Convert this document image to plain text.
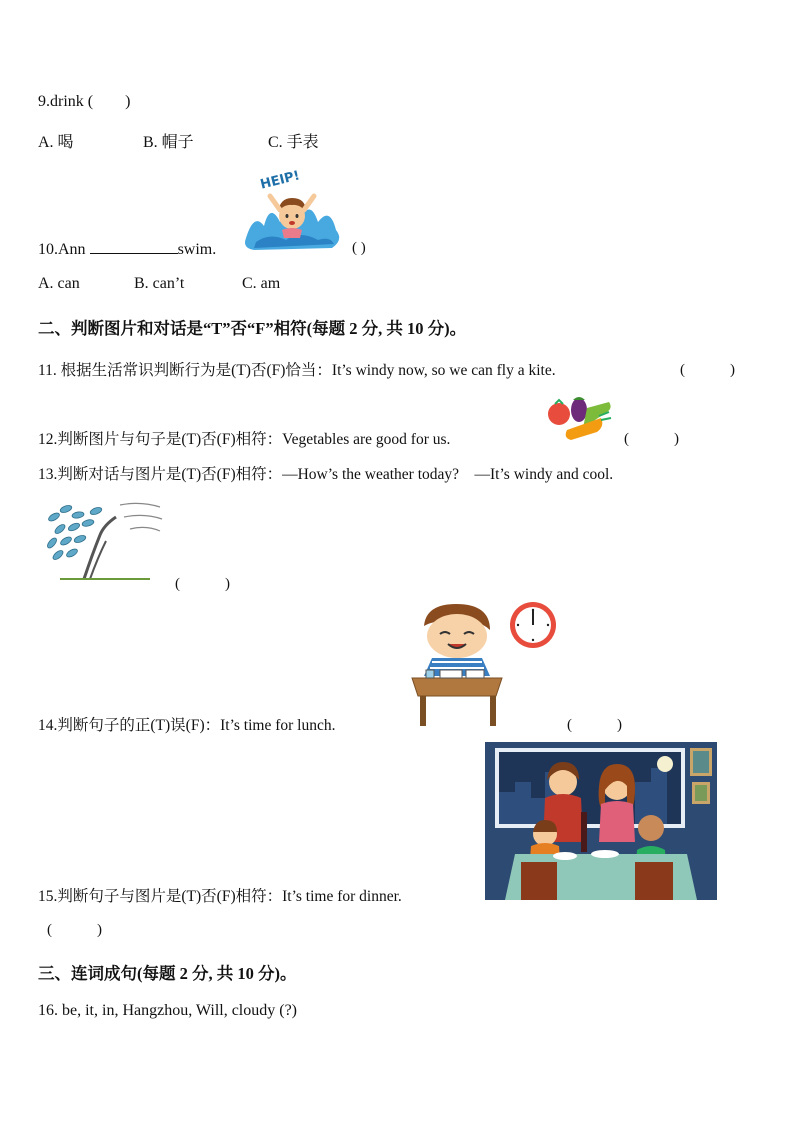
9.drink (　　)
A. 喝	B. 帽子	C. 手表
HEIP!
10.Ann	swim.	( )
A. can	B. can’t	C. am
二、判断图片和对话是“T”否“F”相符(每题 2 分, 共 10 分)。
11. 根据生活常识判断行为是(T)否(F)恰当：It’s windy now, so we can fly a kite.	(　　　)
12.判断图片与句子是(T)否(F)相符：Vegetables are good for us.	(　　　)
13.判断对话与图片是(T)否(F)相符：—How’s the weather today?　—It’s windy and cool.
(　　　)
14.判断句子的正(T)误(F)：It’s time for lunch.	(　　　)
15.判断句子与图片是(T)否(F)相符：It’s time for dinner.
(　　　)
三、连词成句(每题 2 分, 共 10 分)。
16. be, it, in, Hangzhou, Will, cloudy (?)
